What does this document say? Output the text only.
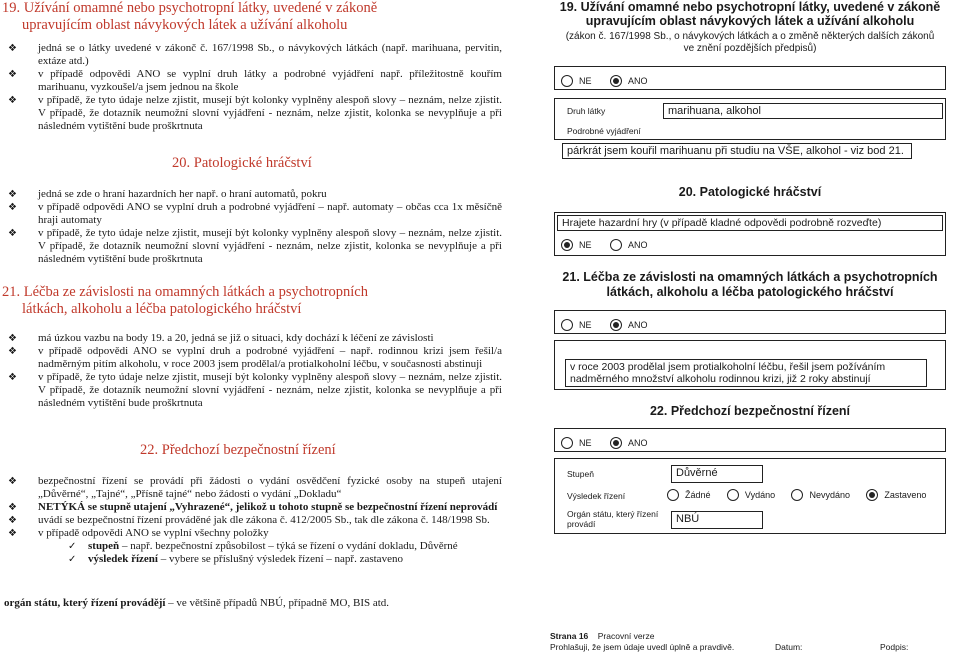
19. Užívání omamné nebo psychotropní látky, uvedené v zákoně
upravujícím oblast návykových látek a užívání alkoholu
❖ jedná se o látky uvedené v zákonč č. 167/1998 Sb., o návykových látkách (např. marihuana, pervitin, extáze atd.)
❖ v případě odpovědi ANO se vyplní druh látky a podrobné vyjádření např. příležitostně kouřím marihuanu, vyzkoušel/a jsem jednou na škole
❖ v případě, že tyto údaje nelze zjistit, musejí být kolonky vyplněny alespoň slovy – neznám, nelze zjistit. V případě, že dotazník neumožní slovní vyjádření - neznám, nelze zjistit, kolonka se nevyplňuje a při následném vytištění bude proškrtnuta
20. Patologické hráčství
❖ jedná se zde o hraní hazardních her např. o hraní automatů, pokru
❖ v případě odpovědi ANO se vyplní druh a podrobné vyjádření – např. automaty – občas cca 1x měsíčně hraji automaty
❖ v případě, že tyto údaje nelze zjistit, musejí být kolonky vyplněny alespoň slovy – neznám, nelze zjistit. V případě, že dotazník neumožní slovní vyjádření - neznám, nelze zjistit, kolonka se nevyplňuje a při následném vytištění bude proškrtnuta
21. Léčba ze závislosti na omamných látkách a psychotropních
látkách, alkoholu a léčba patologického hráčství
❖ má úzkou vazbu na body 19. a 20, jedná se již o situaci, kdy dochází k léčení ze závislosti
❖ v případě odpovědi ANO se vyplní druh a podrobné vyjádření – např. rodinnou krizi jsem řešil/a nadměrným pitím alkoholu, v roce 2003 jsem prodělal/a protialkoholní léčbu, v současnosti abstinuji
❖ v případě, že tyto údaje nelze zjistit, musejí být kolonky vyplněny alespoň slovy – neznám, nelze zjistit. V případě, že dotazník neumožní slovní vyjádření - neznám, nelze zjistit, kolonka se nevyplňuje a při následném vytištění bude proškrtnuta
22. Předchozí bezpečnostní řízení
❖ bezpečnostní řízení se provádí při žádosti o vydání osvědčení fyzické osoby na stupeň utajení „Důvěrné“, „Tajné“, „Přísně tajné“ nebo žádosti o vydání „Dokladu“
❖ NETÝKÁ se stupně utajení „Vyhrazené“, jelikož u tohoto stupně se bezpečnostní řízení neprovádí
❖ uvádí se bezpečnostní řízení prováděné jak dle zákona č. 412/2005 Sb., tak dle zákona č. 148/1998 Sb.
❖ v případě odpovědi ANO se vyplní všechny položky
✓ stupeň – např. bezpečnostní způsobilost – týká se řízení o vydání dokladu, Důvěrné
✓ výsledek řízení – vybere se příslušný výsledek řízení – např. zastaveno
orgán státu, který řízení provádějí – ve většině případů NBÚ, případně MO, BIS atd.
19. Užívání omamné nebo psychotropní látky, uvedené v zákoně
upravujícím oblast návykových látek a užívání alkoholu
(zákon č. 167/1998 Sb., o návykových látkách a o změně některých dalších zákonů
ve znění pozdějších předpisů)
NE	ANO
Druh látky	marihuana, alkohol
Podrobné vyjádření
párkrát jsem kouřil marihuanu při studiu na VŠE, alkohol - viz bod 21.
20. Patologické hráčství
Hrajete hazardní hry (v případě kladné odpovědi podrobně rozveďte)
NE	ANO
21. Léčba ze závislosti na omamných látkách a psychotropních
látkách, alkoholu a léčba patologického hráčství
NE	ANO
v roce 2003 prodělal jsem protialkoholní léčbu, řešil jsem požíváním
nadměrného množství alkoholu rodinnou krizi, již 2 roky abstinují
22. Předchozí bezpečnostní řízení
NE	ANO
Stupeň	Důvěrné
Výsledek řízení	Žádné	Vydáno	Nevydáno	Zastaveno
Orgán státu, který řízení
provádí	NBÚ
Strana 16 Pracovní verze
Prohlašuji, že jsem údaje uvedl úplně a pravdivě.	Datum:	Podpis:
